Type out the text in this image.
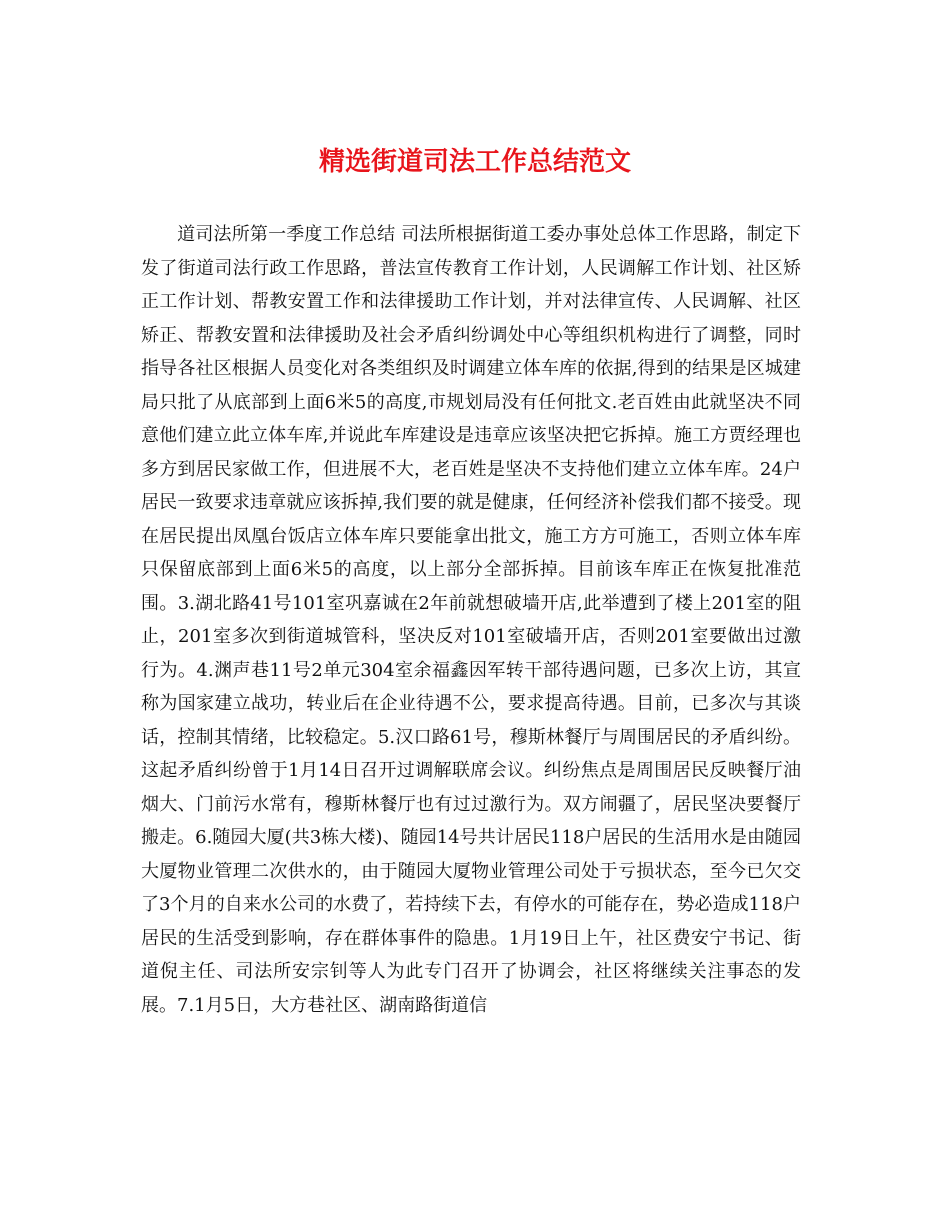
精选街道司法工作总结范文

道司法所第一季度工作总结 司法所根据街道工委办事处总体工作思路，制定下发了街道司法行政工作思路，普法宣传教育工作计划，人民调解工作计划、社区矫正工作计划、帮教安置工作和法律援助工作计划，并对法律宣传、人民调解、社区矫正、帮教安置和法律援助及社会矛盾纠纷调处中心等组织机构进行了调整，同时指导各社区根据人员变化对各类组织及时调建立体车库的依据,得到的结果是区城建局只批了从底部到上面6米5的高度,市规划局没有任何批文.老百姓由此就坚决不同意他们建立此立体车库,并说此车库建设是违章应该坚决把它拆掉。施工方贾经理也多方到居民家做工作，但进展不大，老百姓是坚决不支持他们建立立体车库。24户居民一致要求违章就应该拆掉,我们要的就是健康，任何经济补偿我们都不接受。现在居民提出凤凰台饭店立体车库只要能拿出批文，施工方方可施工，否则立体车库只保留底部到上面6米5的高度，以上部分全部拆掉。目前该车库正在恢复批准范围。3.湖北路41号101室巩嘉诚在2年前就想破墙开店,此举遭到了楼上201室的阻止，201室多次到街道城管科，坚决反对101室破墙开店，否则201室要做出过激行为。4.渊声巷11号2单元304室余福鑫因军转干部待遇问题，已多次上访，其宣称为国家建立战功，转业后在企业待遇不公，要求提高待遇。目前，已多次与其谈话，控制其情绪，比较稳定。5.汉口路61号，穆斯林餐厅与周围居民的矛盾纠纷。这起矛盾纠纷曾于1月14日召开过调解联席会议。纠纷焦点是周围居民反映餐厅油烟大、门前污水常有，穆斯林餐厅也有过过激行为。双方闹疆了，居民坚决要餐厅搬走。6.随园大厦(共3栋大楼)、随园14号共计居民118户居民的生活用水是由随园大厦物业管理二次供水的，由于随园大厦物业管理公司处于亏损状态，至今已欠交了3个月的自来水公司的水费了，若持续下去，有停水的可能存在，势必造成118户居民的生活受到影响，存在群体事件的隐患。1月19日上午，社区费安宁书记、街道倪主任、司法所安宗钊等人为此专门召开了协调会，社区将继续关注事态的发展。7.1月5日，大方巷社区、湖南路街道信
